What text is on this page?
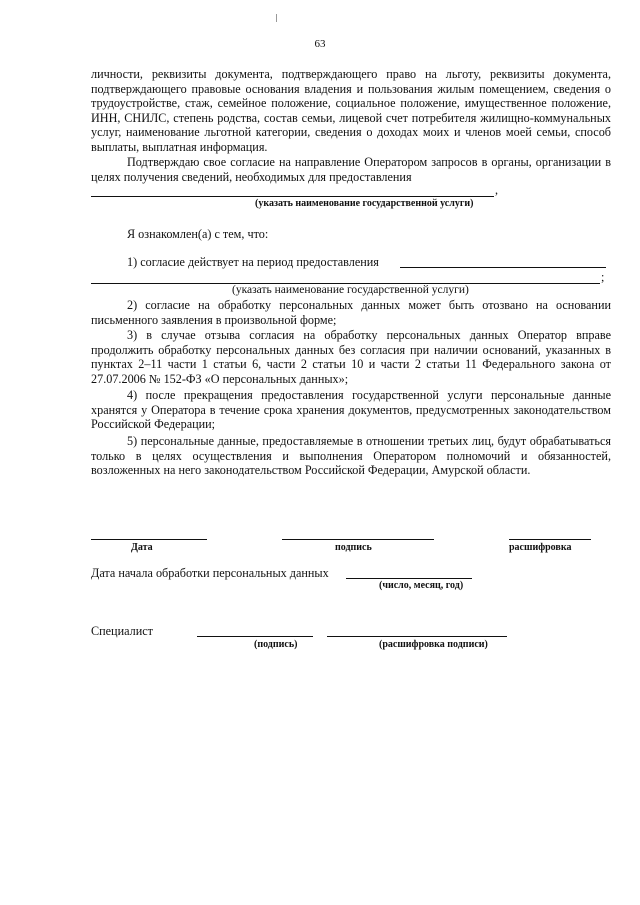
63
личности, реквизиты документа, подтверждающего право на льготу, реквизиты документа, подтверждающего правовые основания владения и пользования жилым помещением, сведения о трудоустройстве, стаж, семейное положение, социальное положение, имущественное положение, ИНН, СНИЛС, степень родства, состав семьи, лицевой счет потребителя жилищно-коммунальных услуг, наименование льготной категории, сведения о доходах моих и членов моей семьи, способ выплаты, выплатная информация.
Подтверждаю свое согласие на направление Оператором запросов в органы, организации в целях получения сведений, необходимых для предоставления
,
(указать наименование государственной услуги)
Я ознакомлен(а) с тем, что:
1) согласие действует на период предоставления
;
(указать наименование государственной услуги)
2) согласие на обработку персональных данных может быть отозвано на основании письменного заявления в произвольной форме;
3) в случае отзыва согласия на обработку персональных данных Оператор вправе продолжить обработку персональных данных без согласия при наличии оснований, указанных в пунктах 2–11 части 1 статьи 6, части 2 статьи 10 и части 2 статьи 11 Федерального закона от 27.07.2006 № 152-ФЗ «О персональных данных»;
4) после прекращения предоставления государственной услуги персональные данные хранятся у Оператора в течение срока хранения документов, предусмотренных законодательством Российской Федерации;
5) персональные данные, предоставляемые в отношении третьих лиц, будут обрабатываться только в целях осуществления и выполнения Оператором полномочий и обязанностей, возложенных на него законодательством Российской Федерации, Амурской области.
Дата	подпись	расшифровка
Дата начала обработки персональных данных
(число, месяц, год)
Специалист
(подпись)	(расшифровка подписи)
